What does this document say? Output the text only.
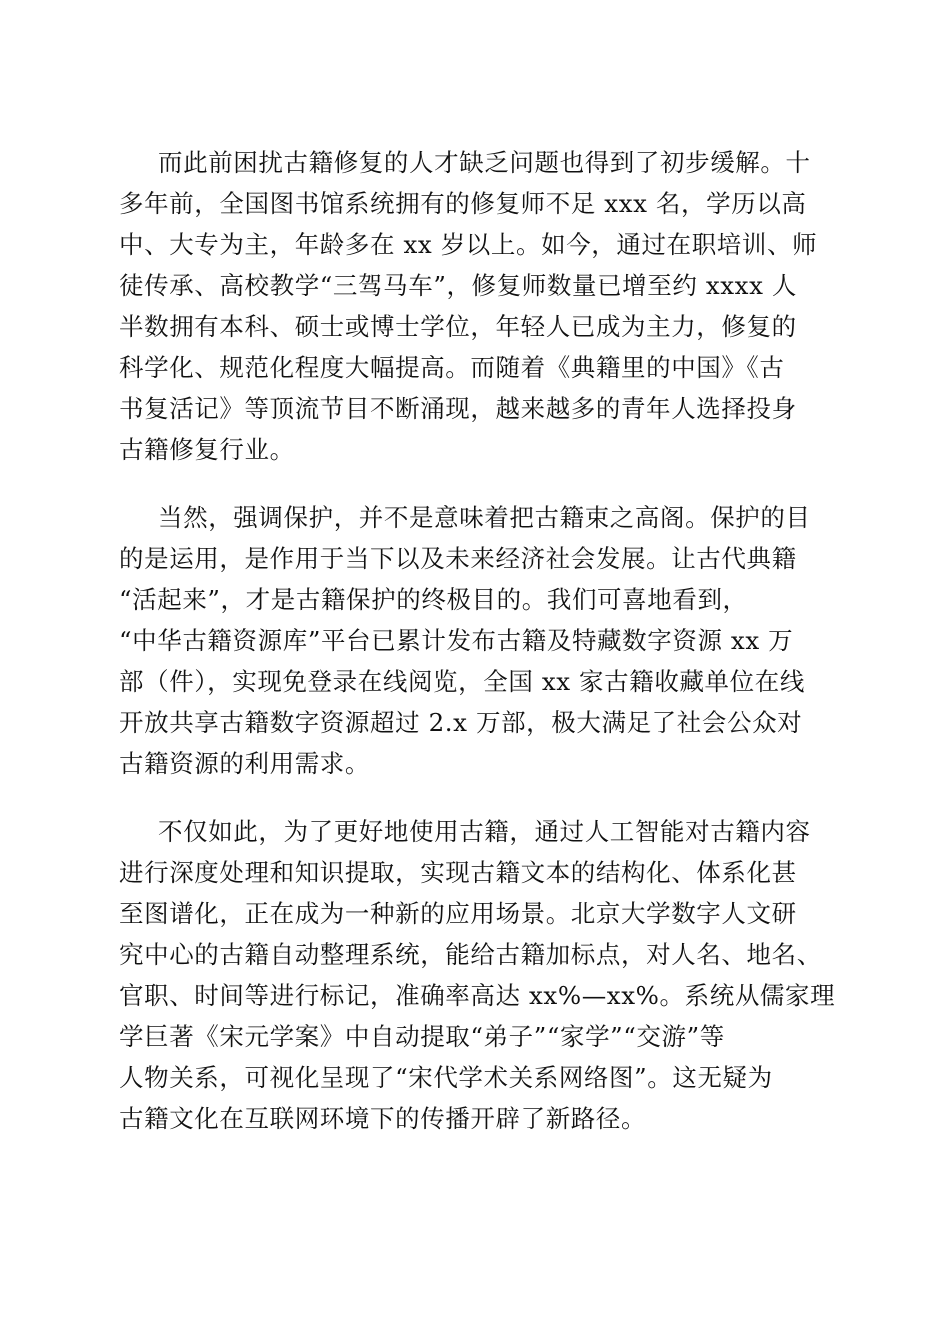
而此前困扰古籍修复的人才缺乏问题也得到了初步缓解。十
多年前，全国图书馆系统拥有的修复师不足 xxx 名，学历以高
中、大专为主，年龄多在 xx 岁以上。如今，通过在职培训、师
徒传承、高校教学“三驾马车”，修复师数量已增至约 xxxx 人
半数拥有本科、硕士或博士学位，年轻人已成为主力，修复的
科学化、规范化程度大幅提高。而随着《典籍里的中国》《古
书复活记》等顶流节目不断涌现，越来越多的青年人选择投身
古籍修复行业。
当然，强调保护，并不是意味着把古籍束之高阁。保护的目
的是运用，是作用于当下以及未来经济社会发展。让古代典籍
“活起来”，才是古籍保护的终极目的。我们可喜地看到，
“中华古籍资源库”平台已累计发布古籍及特藏数字资源 xx 万
部（件），实现免登录在线阅览，全国 xx 家古籍收藏单位在线
开放共享古籍数字资源超过 2.x 万部，极大满足了社会公众对
古籍资源的利用需求。
不仅如此，为了更好地使用古籍，通过人工智能对古籍内容
进行深度处理和知识提取，实现古籍文本的结构化、体系化甚
至图谱化，正在成为一种新的应用场景。北京大学数字人文研
究中心的古籍自动整理系统，能给古籍加标点，对人名、地名、
官职、时间等进行标记，准确率高达 xx%—xx%。系统从儒家理
学巨著《宋元学案》中自动提取“弟子”“家学”“交游”等
人物关系，可视化呈现了“宋代学术关系网络图”。这无疑为
古籍文化在互联网环境下的传播开辟了新路径。
